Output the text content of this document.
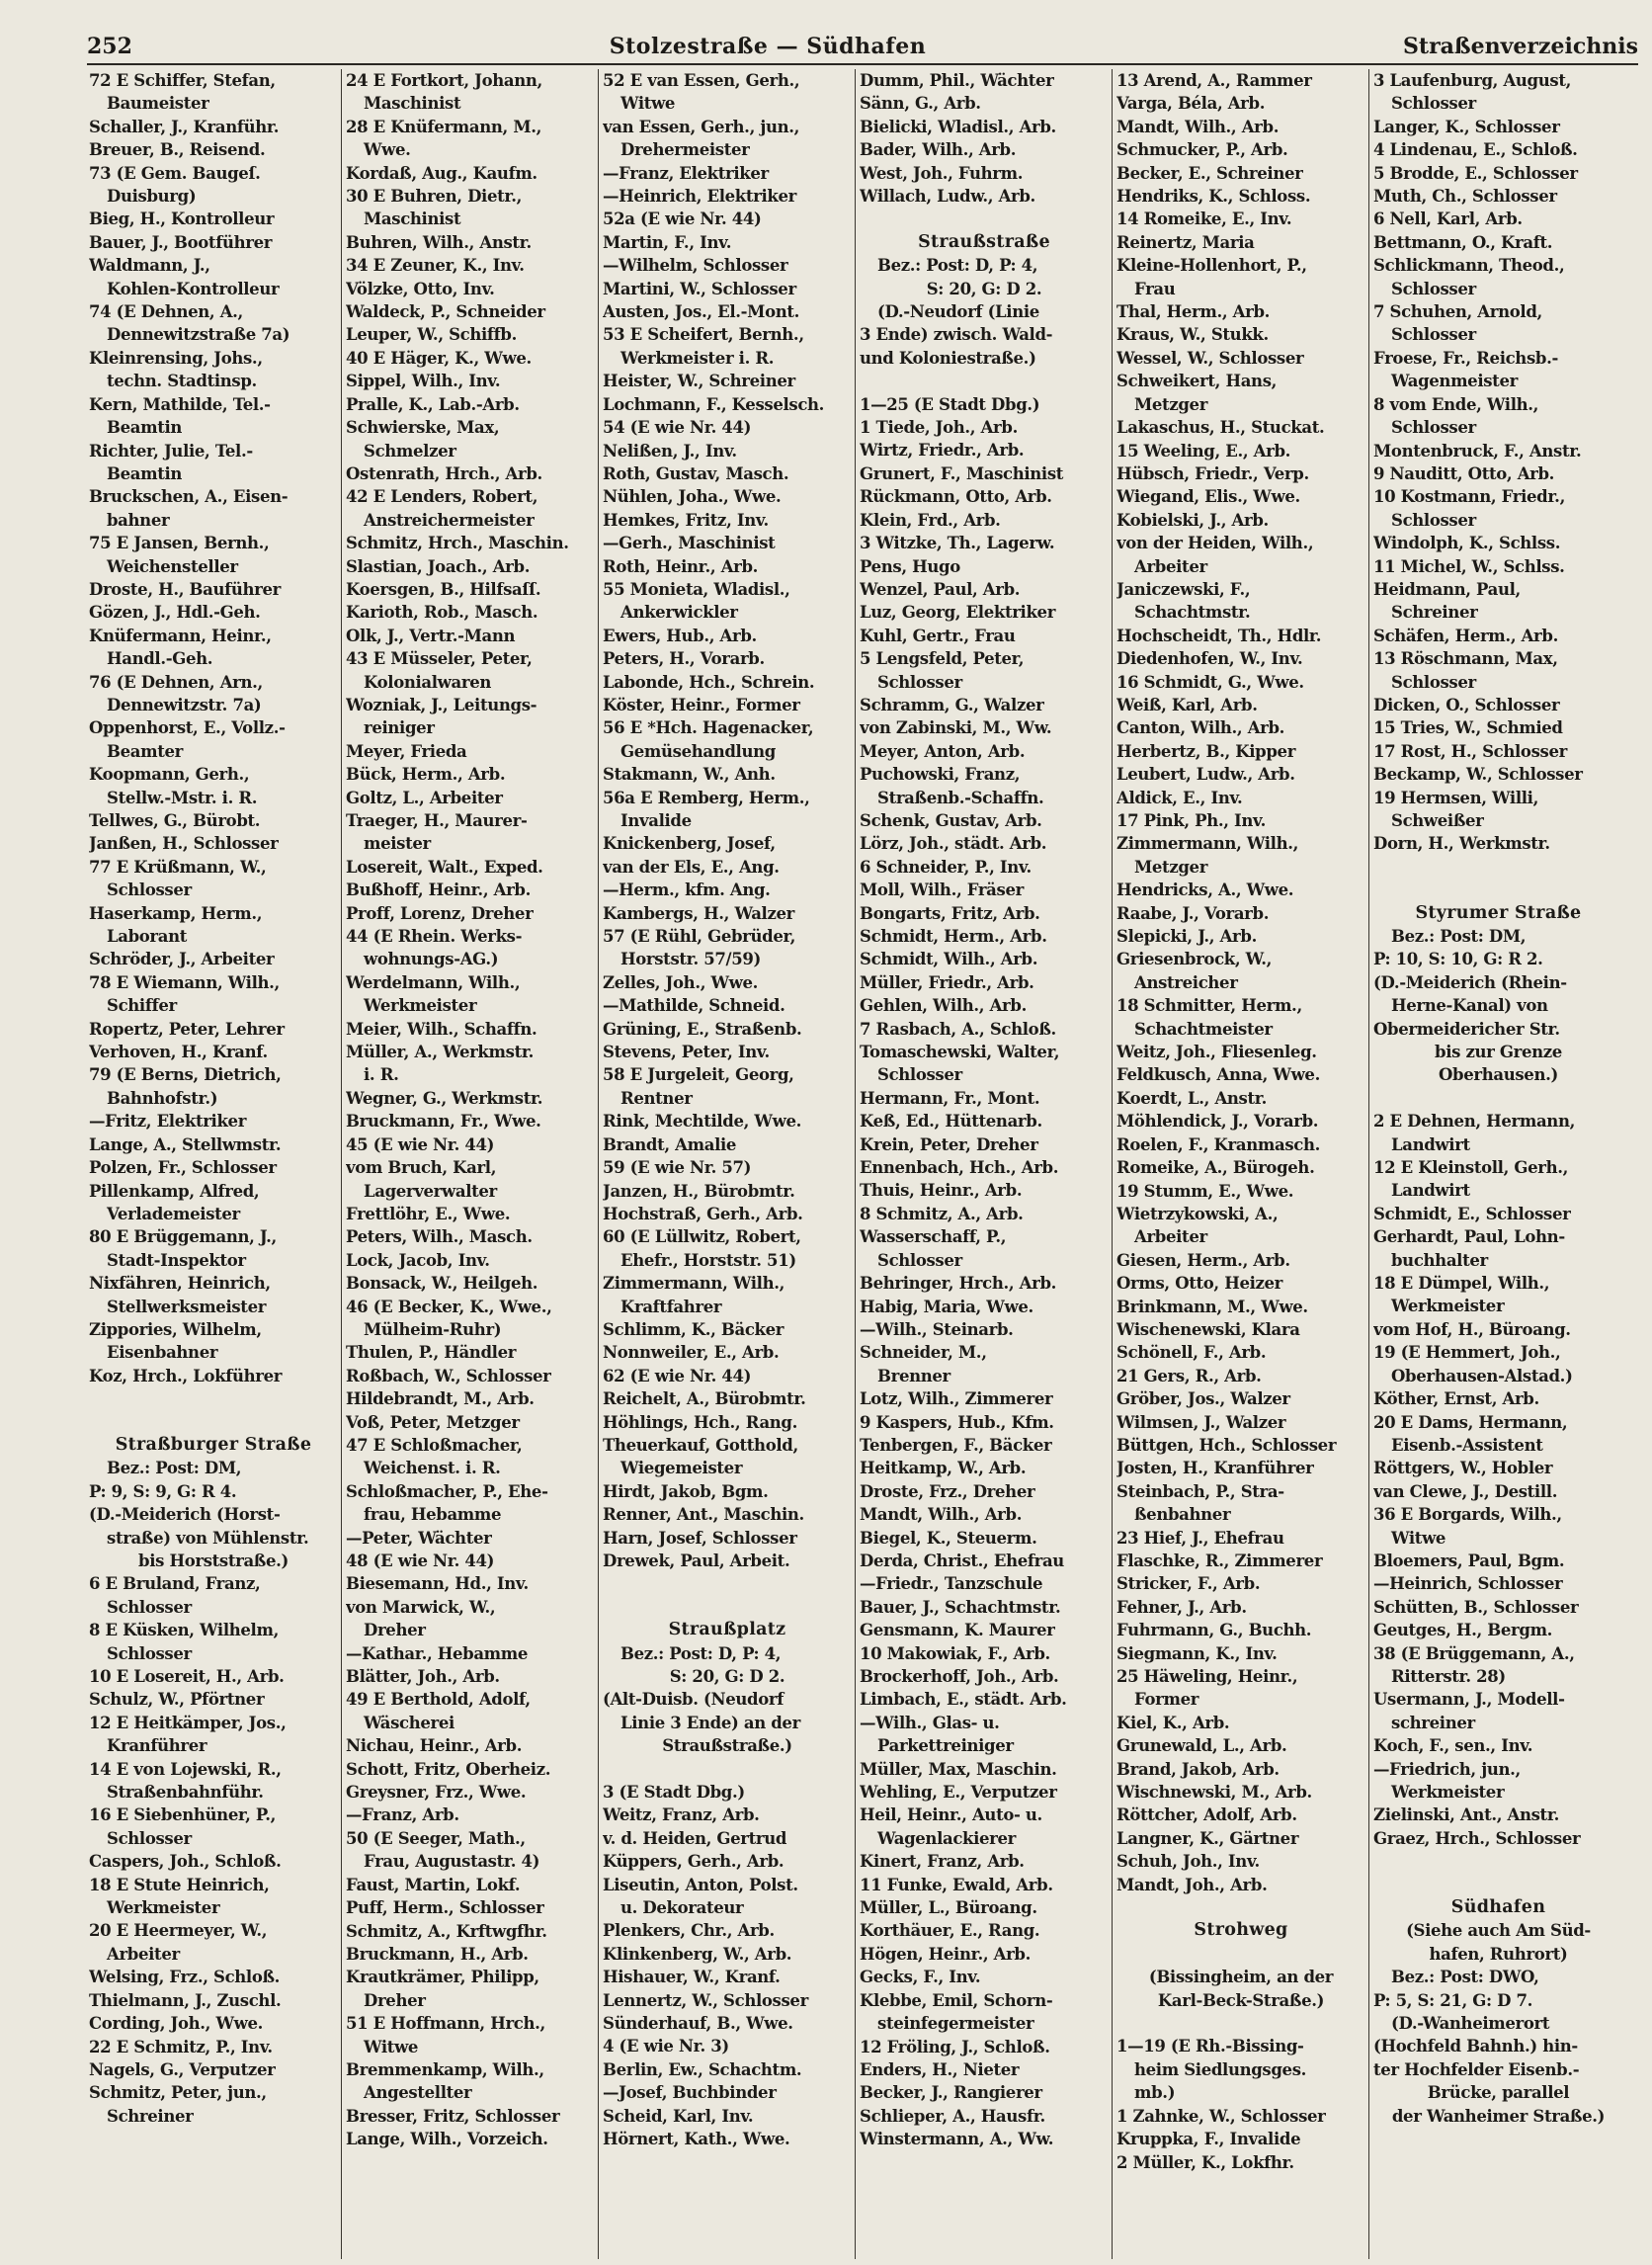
252	Stolzestraße — Südhafen	Straßenverzeichnis
72 E Schiffer, Stefan,
Baumeister
Schaller, J., Kranführ.
Breuer, B., Reisend.
73 (E Gem. Baugeſ.
Duisburg)
Bieg, H., Kontrolleur
Bauer, J., Bootführer
Waldmann, J.,
Kohlen-Kontrolleur
74 (E Dehnen, A.,
Dennewitzstraße 7a)
Kleinrensing, Johs.,
techn. Stadtinsp.
Kern, Mathilde, Tel.-
Beamtin
Richter, Julie, Tel.-
Beamtin
Bruckschen, A., Eisen-
bahner
75 E Jansen, Bernh.,
Weichensteller
Droste, H., Bauführer
Gözen, J., Hdl.-Geh.
Knüfermann, Heinr.,
Handl.-Geh.
76 (E Dehnen, Arn.,
Dennewitzstr. 7a)
Oppenhorst, E., Vollz.-
Beamter
Koopmann, Gerh.,
Stellw.-Mstr. i. R.
Tellwes, G., Bürobt.
Janßen, H., Schlosser
77 E Krüßmann, W.,
Schlosser
Haserkamp, Herm.,
Laborant
Schröder, J., Arbeiter
78 E Wiemann, Wilh.,
Schiffer
Ropertz, Peter, Lehrer
Verhoven, H., Kranf.
79 (E Berns, Dietrich,
Bahnhofstr.)
—Fritz, Elektriker
Lange, A., Stellwmstr.
Polzen, Fr., Schlosser
Pillenkamp, Alfred,
Verlademeister
80 E Brüggemann, J.,
Stadt-Inspektor
Nixfähren, Heinrich,
Stellwerksmeister
Zippories, Wilhelm,
Eisenbahner
Koz, Hrch., Lokführer
Straßburger Straße
Bez.: Post: DM,
P: 9, S: 9, G: R 4.
(D.-Meiderich (Horst-
straße) von Mühlenstr.
bis Horststraße.)
6 E Bruland, Franz,
Schlosser
8 E Küsken, Wilhelm,
Schlosser
10 E Losereit, H., Arb.
Schulz, W., Pförtner
12 E Heitkämper, Jos.,
Kranführer
14 E von Lojewski, R.,
Straßenbahnführ.
16 E Siebenhüner, P.,
Schlosser
Caspers, Joh., Schloß.
18 E Stute Heinrich,
Werkmeister
20 E Heermeyer, W.,
Arbeiter
Welsing, Frz., Schloß.
Thielmann, J., Zuschl.
Cording, Joh., Wwe.
22 E Schmitz, P., Inv.
Nagels, G., Verputzer
Schmitz, Peter, jun.,
Schreiner
24 E Fortkort, Johann,
Maschinist
28 E Knüfermann, M.,
Wwe.
Kordaß, Aug., Kaufm.
30 E Buhren, Dietr.,
Maschinist
Buhren, Wilh., Anstr.
34 E Zeuner, K., Inv.
Völzke, Otto, Inv.
Waldeck, P., Schneider
Leuper, W., Schiffb.
40 E Häger, K., Wwe.
Sippel, Wilh., Inv.
Pralle, K., Lab.-Arb.
Schwierske, Max,
Schmelzer
Ostenrath, Hrch., Arb.
42 E Lenders, Robert,
Anstreichermeister
Schmitz, Hrch., Maschin.
Slastian, Joach., Arb.
Koersgen, B., Hilfsaſſ.
Karioth, Rob., Masch.
Olk, J., Vertr.-Mann
43 E Müsseler, Peter,
Kolonialwaren
Wozniak, J., Leitungs-
reiniger
Meyer, Frieda
Bück, Herm., Arb.
Goltz, L., Arbeiter
Traeger, H., Maurer-
meister
Losereit, Walt., Exped.
Bußhoff, Heinr., Arb.
Proff, Lorenz, Dreher
44 (E Rhein. Werks-
wohnungs-AG.)
Werdelmann, Wilh.,
Werkmeister
Meier, Wilh., Schaffn.
Müller, A., Werkmstr.
i. R.
Wegner, G., Werkmstr.
Bruckmann, Fr., Wwe.
45 (E wie Nr. 44)
vom Bruch, Karl,
Lagerverwalter
Frettlöhr, E., Wwe.
Peters, Wilh., Masch.
Lock, Jacob, Inv.
Bonsack, W., Heilgeh.
46 (E Becker, K., Wwe.,
Mülheim-Ruhr)
Thulen, P., Händler
Roßbach, W., Schlosser
Hildebrandt, M., Arb.
Voß, Peter, Metzger
47 E Schloßmacher,
Weichenst. i. R.
Schloßmacher, P., Ehe-
frau, Hebamme
—Peter, Wächter
48 (E wie Nr. 44)
Biesemann, Hd., Inv.
von Marwick, W.,
Dreher
—Kathar., Hebamme
Blätter, Joh., Arb.
49 E Berthold, Adolf,
Wäscherei
Nichau, Heinr., Arb.
Schott, Fritz, Oberheiz.
Greysner, Frz., Wwe.
—Franz, Arb.
50 (E Seeger, Math.,
Frau, Augustastr. 4)
Faust, Martin, Lokf.
Puff, Herm., Schlosser
Schmitz, A., Krftwgfhr.
Bruckmann, H., Arb.
Krautkrämer, Philipp,
Dreher
51 E Hoffmann, Hrch.,
Witwe
Bremmenkamp, Wilh.,
Angestellter
Bresser, Fritz, Schlosser
Lange, Wilh., Vorzeich.
52 E van Essen, Gerh.,
Witwe
van Essen, Gerh., jun.,
Drehermeister
—Franz, Elektriker
—Heinrich, Elektriker
52a (E wie Nr. 44)
Martin, F., Inv.
—Wilhelm, Schlosser
Martini, W., Schlosser
Austen, Jos., El.-Mont.
53 E Scheifert, Bernh.,
Werkmeister i. R.
Heister, W., Schreiner
Lochmann, F., Kesselsch.
54 (E wie Nr. 44)
Nelißen, J., Inv.
Roth, Gustav, Masch.
Nühlen, Joha., Wwe.
Hemkes, Fritz, Inv.
—Gerh., Maschinist
Roth, Heinr., Arb.
55 Monieta, Wladisl.,
Ankerwickler
Ewers, Hub., Arb.
Peters, H., Vorarb.
Labonde, Hch., Schrein.
Köster, Heinr., Former
56 E *Hch. Hagenacker,
Gemüsehandlung
Stakmann, W., Anh.
56a E Remberg, Herm.,
Invalide
Knickenberg, Josef,
van der Els, E., Ang.
—Herm., kfm. Ang.
Kambergs, H., Walzer
57 (E Rühl, Gebrüder,
Horststr. 57/59)
Zelles, Joh., Wwe.
—Mathilde, Schneid.
Grüning, E., Straßenb.
Stevens, Peter, Inv.
58 E Jurgeleit, Georg,
Rentner
Rink, Mechtilde, Wwe.
Brandt, Amalie
59 (E wie Nr. 57)
Janzen, H., Bürobmtr.
Hochstraß, Gerh., Arb.
60 (E Lüllwitz, Robert,
Ehefr., Horststr. 51)
Zimmermann, Wilh.,
Kraftfahrer
Schlimm, K., Bäcker
Nonnweiler, E., Arb.
62 (E wie Nr. 44)
Reichelt, A., Bürobmtr.
Höhlings, Hch., Rang.
Theuerkauf, Gotthold,
Wiegemeister
Hirdt, Jakob, Bgm.
Renner, Ant., Maschin.
Harn, Josef, Schlosser
Drewek, Paul, Arbeit.
Straußplatz
Bez.: Post: D, P: 4,
S: 20, G: D 2.
(Alt-Duisb. (Neudorf
Linie 3 Ende) an der
Straußstraße.)
3 (E Stadt Dbg.)
Weitz, Franz, Arb.
v. d. Heiden, Gertrud
Küppers, Gerh., Arb.
Liseutin, Anton, Polst.
u. Dekorateur
Plenkers, Chr., Arb.
Klinkenberg, W., Arb.
Hishauer, W., Kranf.
Lennertz, W., Schlosser
Sünderhauf, B., Wwe.
4 (E wie Nr. 3)
Berlin, Ew., Schachtm.
—Josef, Buchbinder
Scheid, Karl, Inv.
Hörnert, Kath., Wwe.
Dumm, Phil., Wächter
Sänn, G., Arb.
Bielicki, Wladisl., Arb.
Bader, Wilh., Arb.
West, Joh., Fuhrm.
Willach, Ludw., Arb.
Straußstraße
Bez.: Post: D, P: 4,
S: 20, G: D 2.
(D.-Neudorf (Linie
3 Ende) zwisch. Wald-
und Koloniestraße.)
1—25 (E Stadt Dbg.)
1 Tiede, Joh., Arb.
Wirtz, Friedr., Arb.
Grunert, F., Maschinist
Rückmann, Otto, Arb.
Klein, Frd., Arb.
3 Witzke, Th., Lagerw.
Pens, Hugo
Wenzel, Paul, Arb.
Luz, Georg, Elektriker
Kuhl, Gertr., Frau
5 Lengsfeld, Peter,
Schlosser
Schramm, G., Walzer
von Zabinski, M., Ww.
Meyer, Anton, Arb.
Puchowski, Franz,
Straßenb.-Schaffn.
Schenk, Gustav, Arb.
Lörz, Joh., städt. Arb.
6 Schneider, P., Inv.
Moll, Wilh., Fräser
Bongarts, Fritz, Arb.
Schmidt, Herm., Arb.
Schmidt, Wilh., Arb.
Müller, Friedr., Arb.
Gehlen, Wilh., Arb.
7 Rasbach, A., Schloß.
Tomaschewski, Walter,
Schlosser
Hermann, Fr., Mont.
Keß, Ed., Hüttenarb.
Krein, Peter, Dreher
Ennenbach, Hch., Arb.
Thuis, Heinr., Arb.
8 Schmitz, A., Arb.
Wasserschaff, P.,
Schlosser
Behringer, Hrch., Arb.
Habig, Maria, Wwe.
—Wilh., Steinarb.
Schneider, M.,
Brenner
Lotz, Wilh., Zimmerer
9 Kaspers, Hub., Kfm.
Tenbergen, F., Bäcker
Heitkamp, W., Arb.
Droste, Frz., Dreher
Mandt, Wilh., Arb.
Biegel, K., Steuerm.
Derda, Christ., Ehefrau
—Friedr., Tanzschule
Bauer, J., Schachtmstr.
Gensmann, K. Maurer
10 Makowiak, F., Arb.
Brockerhoff, Joh., Arb.
Limbach, E., städt. Arb.
—Wilh., Glas- u.
Parkettreiniger
Müller, Max, Maschin.
Wehling, E., Verputzer
Heil, Heinr., Auto- u.
Wagenlackierer
Kinert, Franz, Arb.
11 Funke, Ewald, Arb.
Müller, L., Büroang.
Korthäuer, E., Rang.
Högen, Heinr., Arb.
Gecks, F., Inv.
Klebbe, Emil, Schorn-
steinfegermeister
12 Fröling, J., Schloß.
Enders, H., Nieter
Becker, J., Rangierer
Schlieper, A., Hausfr.
Winstermann, A., Ww.
13 Arend, A., Rammer
Varga, Béla, Arb.
Mandt, Wilh., Arb.
Schmucker, P., Arb.
Becker, E., Schreiner
Hendriks, K., Schloss.
14 Romeike, E., Inv.
Reinertz, Maria
Kleine-Hollenhort, P.,
Frau
Thal, Herm., Arb.
Kraus, W., Stukk.
Wessel, W., Schlosser
Schweikert, Hans,
Metzger
Lakaschus, H., Stuckat.
15 Weeling, E., Arb.
Hübsch, Friedr., Verp.
Wiegand, Elis., Wwe.
Kobielski, J., Arb.
von der Heiden, Wilh.,
Arbeiter
Janiczewski, F.,
Schachtmstr.
Hochscheidt, Th., Hdlr.
Diedenhofen, W., Inv.
16 Schmidt, G., Wwe.
Weiß, Karl, Arb.
Canton, Wilh., Arb.
Herbertz, B., Kipper
Leubert, Ludw., Arb.
Aldick, E., Inv.
17 Pink, Ph., Inv.
Zimmermann, Wilh.,
Metzger
Hendricks, A., Wwe.
Raabe, J., Vorarb.
Slepicki, J., Arb.
Griesenbrock, W.,
Anstreicher
18 Schmitter, Herm.,
Schachtmeister
Weitz, Joh., Fliesenleg.
Feldkusch, Anna, Wwe.
Koerdt, L., Anstr.
Möhlendick, J., Vorarb.
Roelen, F., Kranmasch.
Romeike, A., Bürogeh.
19 Stumm, E., Wwe.
Wietrzykowski, A.,
Arbeiter
Giesen, Herm., Arb.
Orms, Otto, Heizer
Brinkmann, M., Wwe.
Wischenewski, Klara
Schönell, F., Arb.
21 Gers, R., Arb.
Gröber, Jos., Walzer
Wilmsen, J., Walzer
Büttgen, Hch., Schlosser
Josten, H., Kranführer
Steinbach, P., Stra-
ßenbahner
23 Hief, J., Ehefrau
Flaschke, R., Zimmerer
Stricker, F., Arb.
Fehner, J., Arb.
Fuhrmann, G., Buchh.
Siegmann, K., Inv.
25 Häweling, Heinr.,
Former
Kiel, K., Arb.
Grunewald, L., Arb.
Brand, Jakob, Arb.
Wischnewski, M., Arb.
Röttcher, Adolf, Arb.
Langner, K., Gärtner
Schuh, Joh., Inv.
Mandt, Joh., Arb.
Strohweg
(Bissingheim, an der
Karl-Beck-Straße.)
1—19 (E Rh.-Bissing-
heim Siedlungsges.
mb.)
1 Zahnke, W., Schlosser
Kruppka, F., Invalide
2 Müller, K., Lokfhr.
3 Laufenburg, August,
Schlosser
Langer, K., Schlosser
4 Lindenau, E., Schloß.
5 Brodde, E., Schlosser
Muth, Ch., Schlosser
6 Nell, Karl, Arb.
Bettmann, O., Kraft.
Schlickmann, Theod.,
Schlosser
7 Schuhen, Arnold,
Schlosser
Froese, Fr., Reichsb.-
Wagenmeister
8 vom Ende, Wilh.,
Schlosser
Montenbruck, F., Anstr.
9 Nauditt, Otto, Arb.
10 Kostmann, Friedr.,
Schlosser
Windolph, K., Schlss.
11 Michel, W., Schlss.
Heidmann, Paul,
Schreiner
Schäfen, Herm., Arb.
13 Röschmann, Max,
Schlosser
Dicken, O., Schlosser
15 Tries, W., Schmied
17 Rost, H., Schlosser
Beckamp, W., Schlosser
19 Hermsen, Willi,
Schweißer
Dorn, H., Werkmstr.
Styrumer Straße
Bez.: Post: DM,
P: 10, S: 10, G: R 2.
(D.-Meiderich (Rhein-
Herne-Kanal) von
Obermeidericher Str.
bis zur Grenze
Oberhausen.)
2 E Dehnen, Hermann,
Landwirt
12 E Kleinstoll, Gerh.,
Landwirt
Schmidt, E., Schlosser
Gerhardt, Paul, Lohn-
buchhalter
18 E Dümpel, Wilh.,
Werkmeister
vom Hof, H., Büroang.
19 (E Hemmert, Joh.,
Oberhausen-Alstad.)
Köther, Ernst, Arb.
20 E Dams, Hermann,
Eisenb.-Assistent
Röttgers, W., Hobler
van Clewe, J., Destill.
36 E Borgards, Wilh.,
Witwe
Bloemers, Paul, Bgm.
—Heinrich, Schlosser
Schütten, B., Schlosser
Geutges, H., Bergm.
38 (E Brüggemann, A.,
Ritterstr. 28)
Usermann, J., Modell-
schreiner
Koch, F., sen., Inv.
—Friedrich, jun.,
Werkmeister
Zielinski, Ant., Anstr.
Graez, Hrch., Schlosser
Südhafen
(Siehe auch Am Süd-
hafen, Ruhrort)
Bez.: Post: DWO,
P: 5, S: 21, G: D 7.
(D.-Wanheimerort
(Hochfeld Bahnh.) hin-
ter Hochfelder Eisenb.-
Brücke, parallel
der Wanheimer Straße.)
